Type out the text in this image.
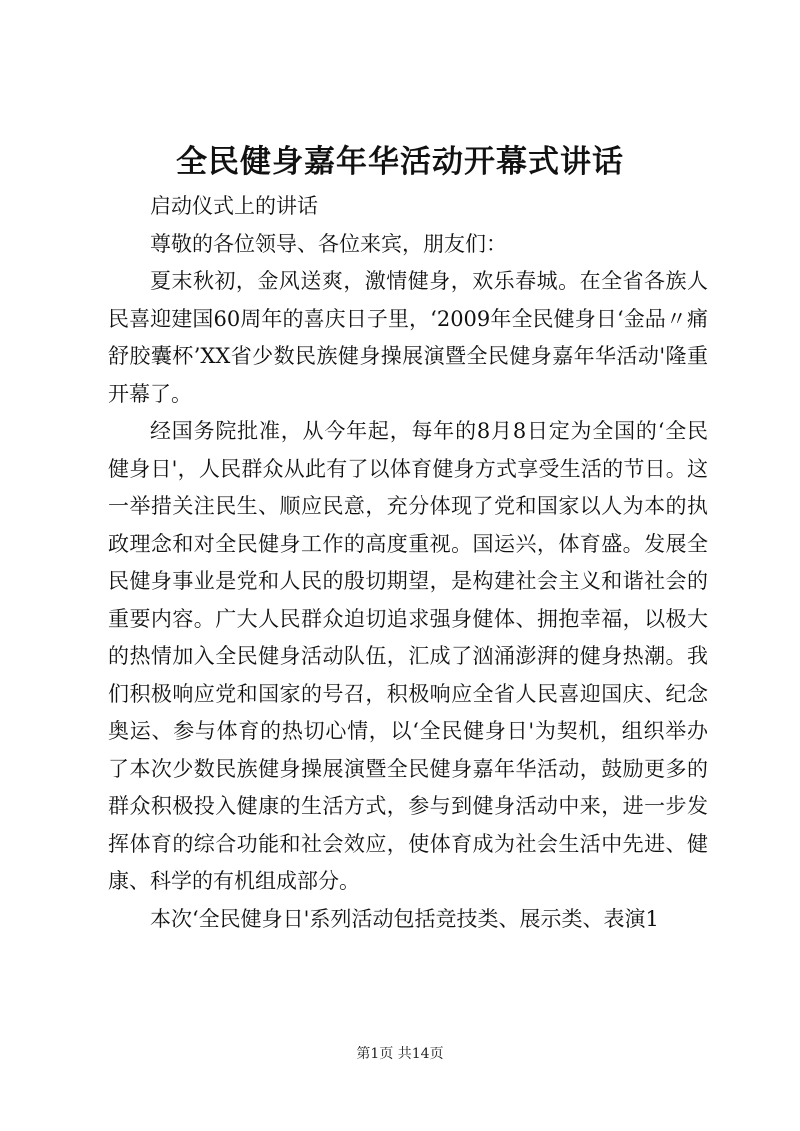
全民健身嘉年华活动开幕式讲话

启动仪式上的讲话

尊敬的各位领导、各位来宾，朋友们：

夏末秋初，金风送爽，激情健身，欢乐春城。在全省各族人民喜迎建国60周年的喜庆日子里，‘2009年全民健身日‘金品〃痛舒胶囊杯’XX省少数民族健身操展演暨全民健身嘉年华活动'隆重开幕了。

经国务院批准，从今年起，每年的8月8日定为全国的‘全民健身日'，人民群众从此有了以体育健身方式享受生活的节日。这一举措关注民生、顺应民意，充分体现了党和国家以人为本的执政理念和对全民健身工作的高度重视。国运兴，体育盛。发展全民健身事业是党和人民的殷切期望，是构建社会主义和谐社会的重要内容。广大人民群众迫切追求强身健体、拥抱幸福，以极大的热情加入全民健身活动队伍，汇成了汹涌澎湃的健身热潮。我们积极响应党和国家的号召，积极响应全省人民喜迎国庆、纪念奥运、参与体育的热切心情，以‘全民健身日'为契机，组织举办了本次少数民族健身操展演暨全民健身嘉年华活动，鼓励更多的群众积极投入健康的生活方式，参与到健身活动中来，进一步发挥体育的综合功能和社会效应，使体育成为社会生活中先进、健康、科学的有机组成部分。

本次‘全民健身日'系列活动包括竞技类、展示类、表演1

第1页 共14页
